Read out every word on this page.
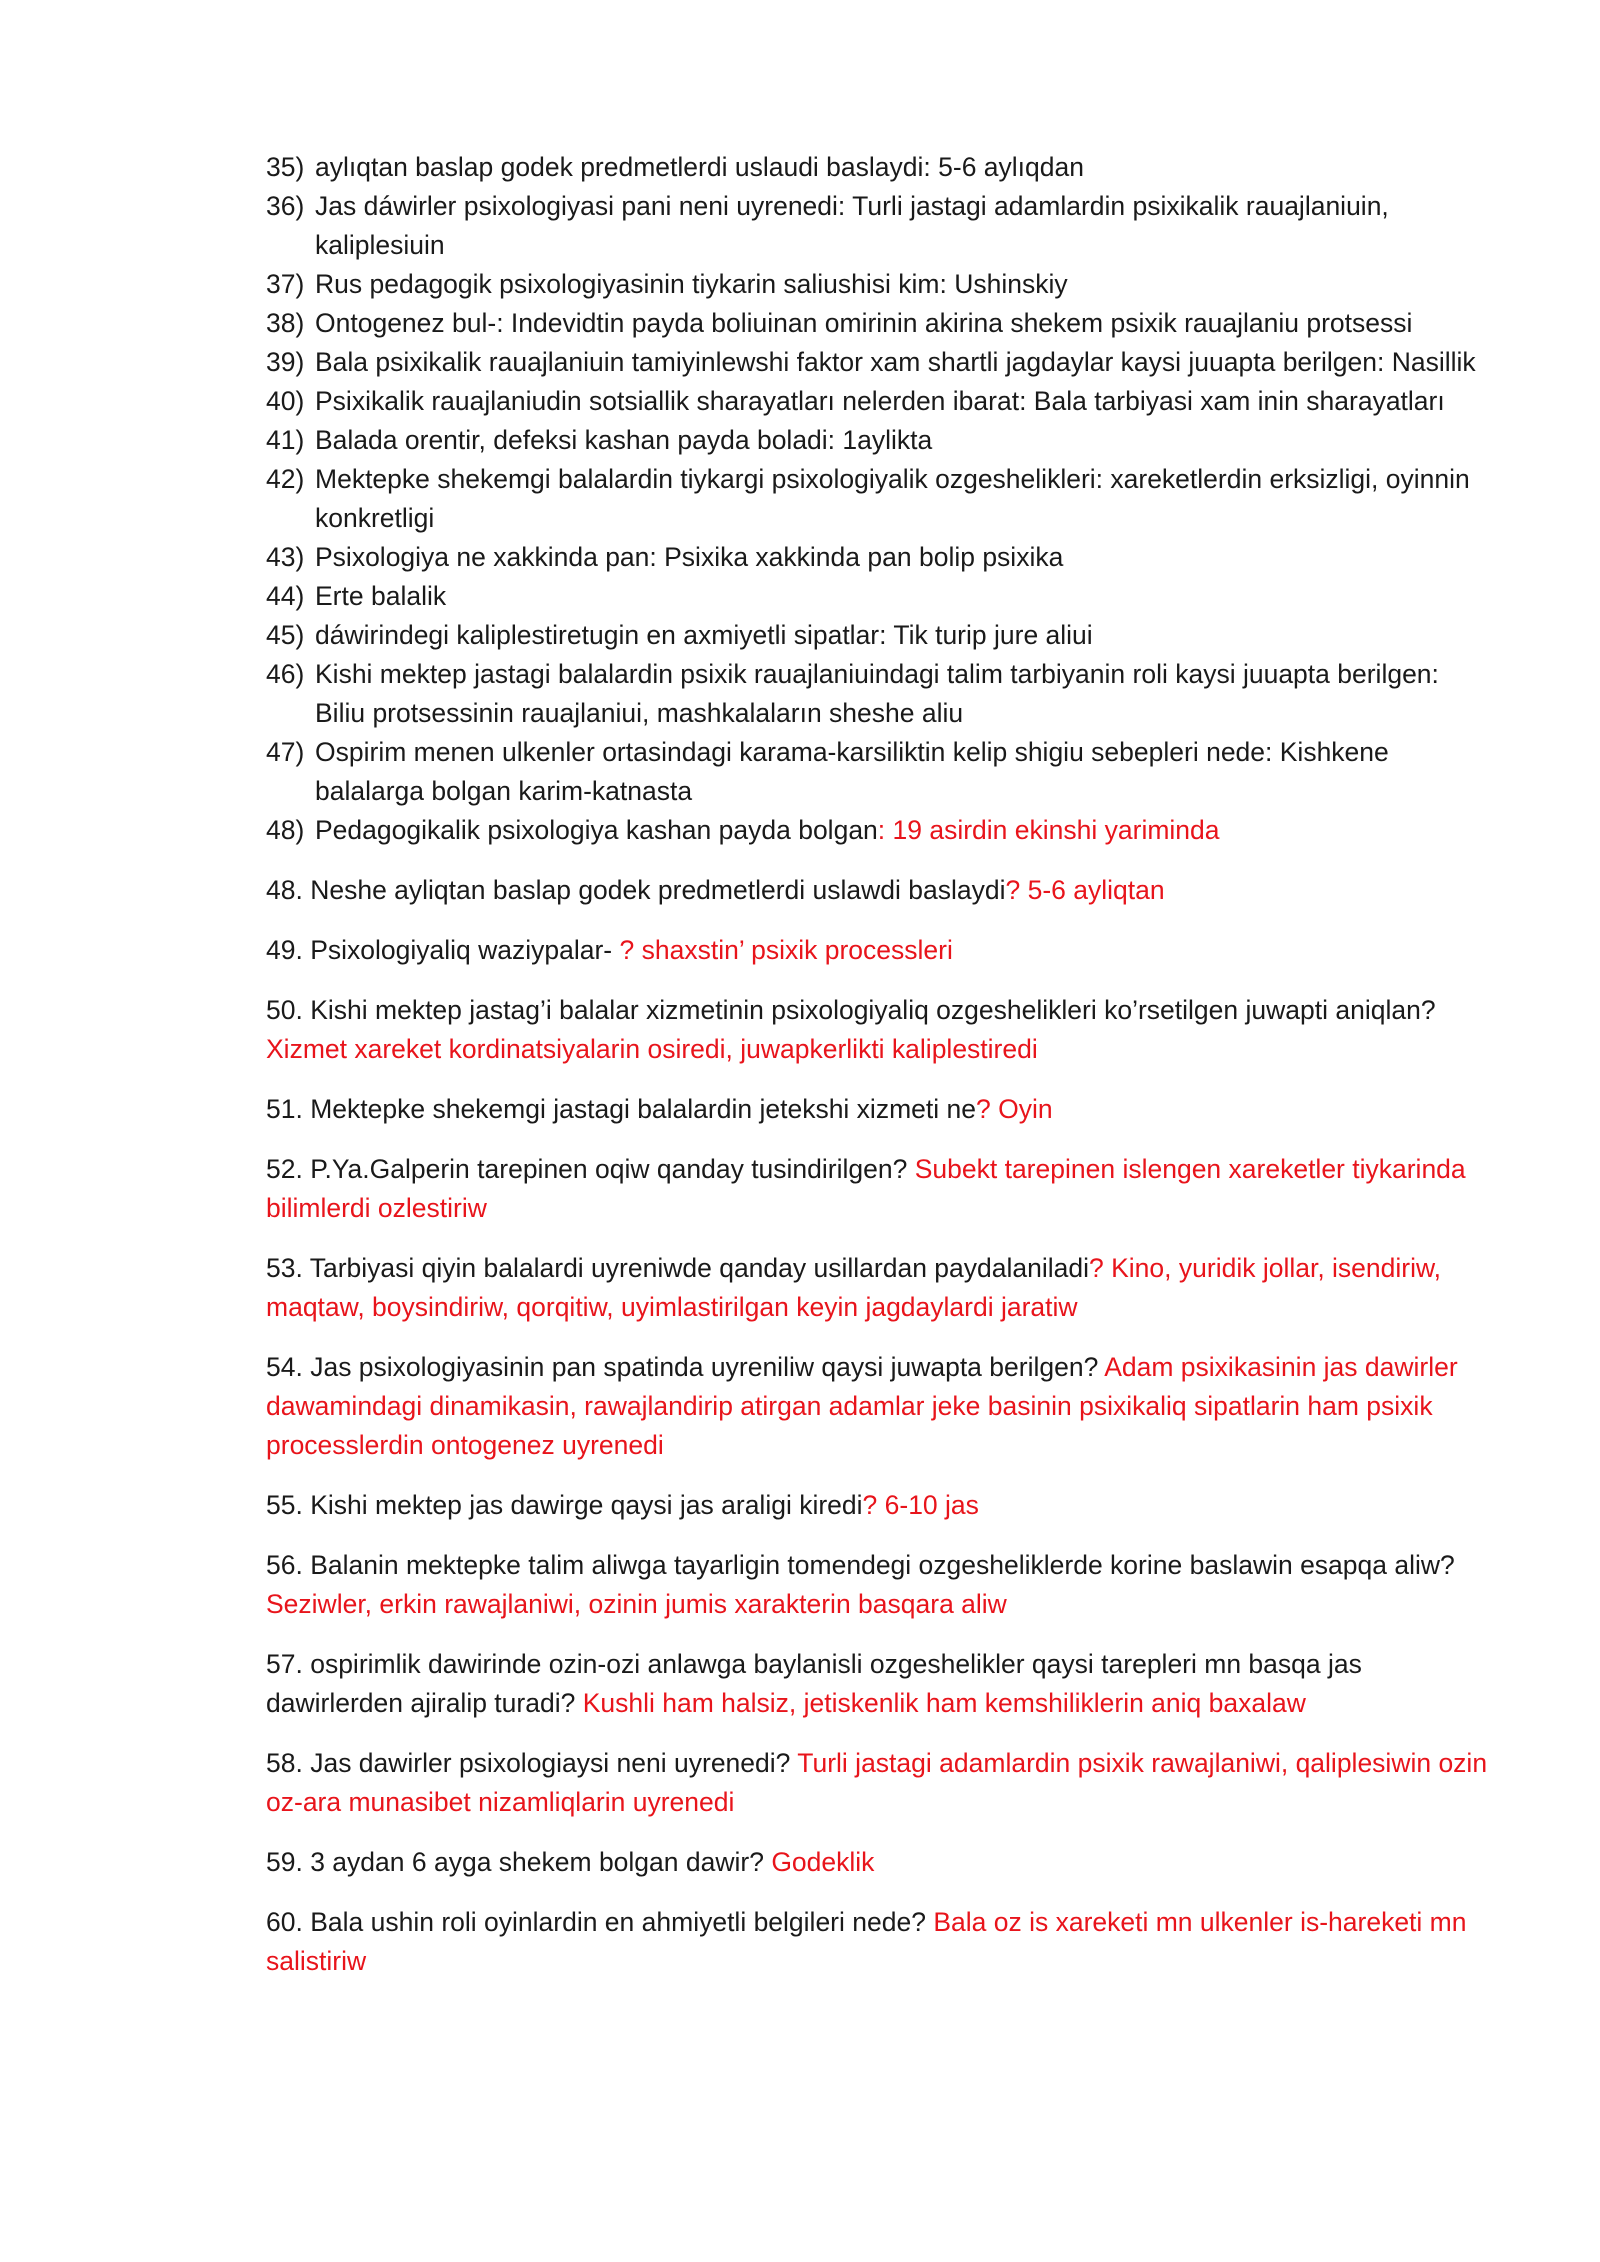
35) aylıqtan baslap godek predmetlerdi uslaudi baslaydi: 5-6 aylıqdan
36) Jas dáwirler psixologiyasi pani neni uyrenedi: Turli jastagi adamlardin psixikalik rauajlaniuin, kaliplesiuin
37) Rus pedagogik psixologiyasinin tiykarin saliushisi kim: Ushinskiy
38) Ontogenez bul-: Indevidtin payda boliuinan omirinin akirina shekem psixik rauajlaniu protsessi
39) Bala psixikalik rauajlaniuin tamiyinlewshi faktor xam shartli jagdaylar kaysi juuapta berilgen: Nasillik
40) Psixikalik rauajlaniudin sotsiallik sharayatları nelerden ibarat: Bala tarbiyasi xam inin sharayatları
41) Balada orentir, defeksi kashan payda boladi: 1aylikta
42) Mektepke shekemgi balalardin tiykargi psixologiyalik ozgeshelikleri: xareketlerdin erksizligi, oyinnin konkretligi
43) Psixologiya ne xakkinda pan: Psixika xakkinda pan bolip psixika
44) Erte balalik
45) dáwirindegi kaliplestiretugin en axmiyetli sipatlar: Tik turip jure aliui
46) Kishi mektep jastagi balalardin psixik rauajlaniuindagi talim tarbiyanin roli kaysi juuapta berilgen: Biliu protsessinin rauajlaniui, mashkalaların sheshe aliu
47) Ospirim menen ulkenler ortasindagi karama-karsiliktin kelip shigiu sebepleri nede: Kishkene balalarga bolgan karim-katnasta
48) Pedagogikalik psixologiya kashan payda bolgan: 19 asirdin ekinshi yariminda

48. Neshe ayliqtan baslap godek predmetlerdi uslawdi baslaydi? 5-6 ayliqtan

49. Psixologiyaliq waziypalar- ? shaxstin’ psixik processleri

50. Kishi mektep jastag’i balalar xizmetinin psixologiyaliq ozgeshelikleri ko’rsetilgen juwapti aniqlan? Xizmet xareket kordinatsiyalarin osiredi, juwapkerlikti kaliplestiredi

51. Mektepke shekemgi jastagi balalardin jetekshi xizmeti ne? Oyin

52. P.Ya.Galperin tarepinen oqiw qanday tusindirilgen? Subekt tarepinen islengen xareketler tiykarinda bilimlerdi ozlestiriw

53. Tarbiyasi qiyin balalardi uyreniwde qanday usillardan paydalaniladi? Kino, yuridik jollar, isendiriw, maqtaw, boysindiriw, qorqitiw, uyimlastirilgan keyin jagdaylardi jaratiw

54. Jas psixologiyasinin pan spatinda uyreniliw qaysi juwapta berilgen? Adam psixikasinin jas dawirler dawamindagi dinamikasin, rawajlandirip atirgan adamlar jeke basinin psixikaliq sipatlarin ham psixik processlerdin ontogenez uyrenedi

55. Kishi mektep jas dawirge qaysi jas araligi kiredi? 6-10 jas

56. Balanin mektepke talim aliwga tayarligin tomendegi ozgesheliklerde korine baslawin esapqa aliw? Seziwler, erkin rawajlaniwi, ozinin jumis xarakterin basqara aliw

57. ospirimlik dawirinde ozin-ozi anlawga baylanisli ozgeshelikler qaysi tarepleri mn basqa jas dawirlerden ajiralip turadi? Kushli ham halsiz, jetiskenlik ham kemshiliklerin aniq baxalaw

58. Jas dawirler psixologiaysi neni uyrenedi? Turli jastagi adamlardin psixik rawajlaniwi, qaliplesiwin ozin oz-ara munasibet nizamliqlarin uyrenedi

59. 3 aydan 6 ayga shekem bolgan dawir? Godeklik

60. Bala ushin roli oyinlardin en ahmiyetli belgileri nede? Bala oz is xareketi mn ulkenler is-hareketi mn salistiriw
